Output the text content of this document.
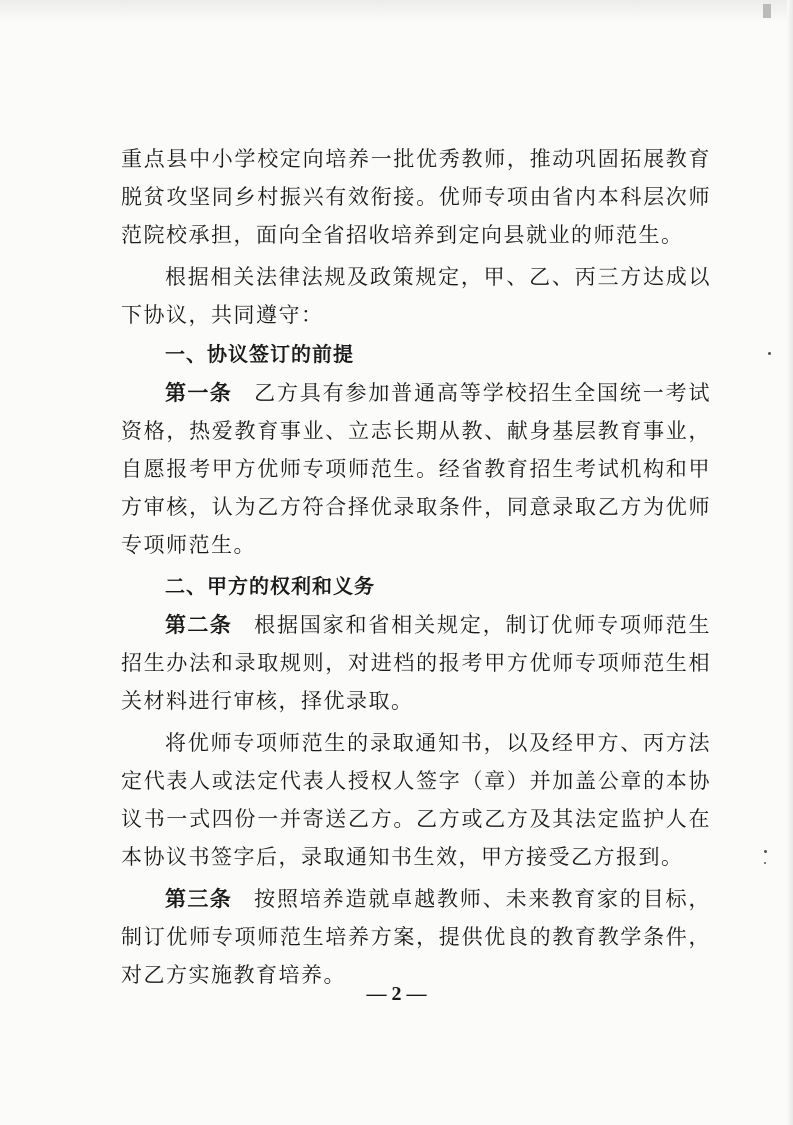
重点县中小学校定向培养一批优秀教师，推动巩固拓展教育脱贫攻坚同乡村振兴有效衔接。优师专项由省内本科层次师范院校承担，面向全省招收培养到定向县就业的师范生。

根据相关法律法规及政策规定，甲、乙、丙三方达成以下协议，共同遵守：

一、协议签订的前提

第一条 乙方具有参加普通高等学校招生全国统一考试资格，热爱教育事业、立志长期从教、献身基层教育事业，自愿报考甲方优师专项师范生。经省教育招生考试机构和甲方审核，认为乙方符合择优录取条件，同意录取乙方为优师专项师范生。

二、甲方的权利和义务

第二条 根据国家和省相关规定，制订优师专项师范生招生办法和录取规则，对进档的报考甲方优师专项师范生相关材料进行审核，择优录取。

将优师专项师范生的录取通知书，以及经甲方、丙方法定代表人或法定代表人授权人签字（章）并加盖公章的本协议书一式四份一并寄送乙方。乙方或乙方及其法定监护人在本协议书签字后，录取通知书生效，甲方接受乙方报到。

第三条 按照培养造就卓越教师、未来教育家的目标，制订优师专项师范生培养方案，提供优良的教育教学条件，对乙方实施教育培养。

— 2 —
